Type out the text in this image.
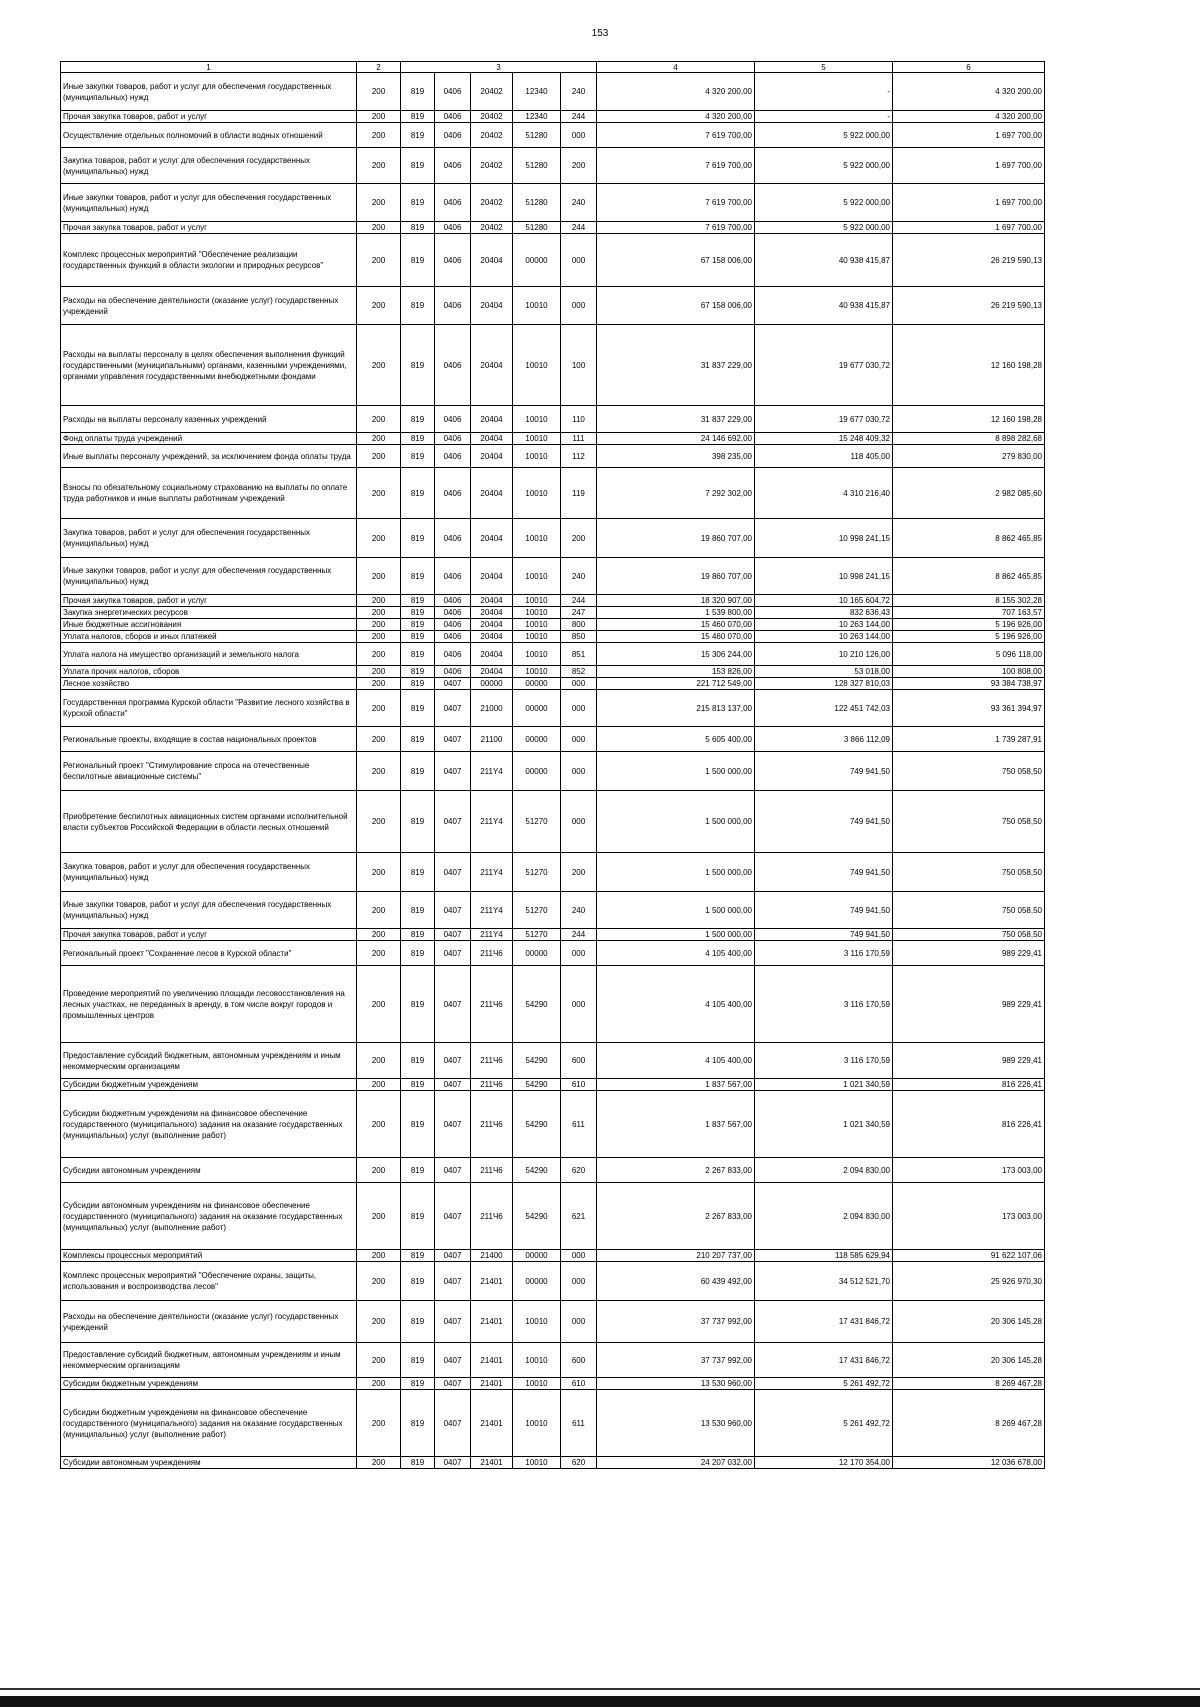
153
1	2	3					4	5	6
Иные закупки товаров, работ и услуг для обеспечения государственных (муниципальных) нужд	200	819	0406	20402	12340	240	4 320 200,00	-	4 320 200,00
Прочая закупка товаров, работ и услуг	200	819	0406	20402	12340	244	4 320 200,00	-	4 320 200,00
Осуществление отдельных полномочий в области водных отношений	200	819	0406	20402	51280	000	7 619 700,00	5 922 000,00	1 697 700,00
Закупка товаров, работ и услуг для обеспечения государственных (муниципальных) нужд	200	819	0406	20402	51280	200	7 619 700,00	5 922 000,00	1 697 700,00
Иные закупки товаров, работ и услуг для обеспечения государственных (муниципальных) нужд	200	819	0406	20402	51280	240	7 619 700,00	5 922 000,00	1 697 700,00
Прочая закупка товаров, работ и услуг	200	819	0406	20402	51280	244	7 619 700,00	5 922 000,00	1 697 700,00
Комплекс процессных мероприятий "Обеспечение реализации государственных функций в области экологии и природных ресурсов"	200	819	0406	20404	00000	000	67 158 006,00	40 938 415,87	26 219 590,13
Расходы на обеспечение деятельности (оказание услуг) государственных учреждений	200	819	0406	20404	10010	000	67 158 006,00	40 938 415,87	26 219 590,13
Расходы на выплаты персоналу в целях обеспечения выполнения функций государственными (муниципальными) органами, казенными учреждениями, органами управления государственными внебюджетными фондами	200	819	0406	20404	10010	100	31 837 229,00	19 677 030,72	12 160 198,28
Расходы на выплаты персоналу казенных учреждений	200	819	0406	20404	10010	110	31 837 229,00	19 677 030,72	12 160 198,28
Фонд оплаты труда учреждений	200	819	0406	20404	10010	111	24 146 692,00	15 248 409,32	8 898 282,68
Иные выплаты персоналу учреждений, за исключением фонда оплаты труда	200	819	0406	20404	10010	112	398 235,00	118 405,00	279 830,00
Взносы по обязательному социальному страхованию на выплаты по оплате труда работников и иные выплаты работникам учреждений	200	819	0406	20404	10010	119	7 292 302,00	4 310 216,40	2 982 085,60
Закупка товаров, работ и услуг для обеспечения государственных (муниципальных) нужд	200	819	0406	20404	10010	200	19 860 707,00	10 998 241,15	8 862 465,85
Иные закупки товаров, работ и услуг для обеспечения государственных (муниципальных) нужд	200	819	0406	20404	10010	240	19 860 707,00	10 998 241,15	8 862 465,85
Прочая закупка товаров, работ и услуг	200	819	0406	20404	10010	244	18 320 907,00	10 165 604,72	8 155 302,28
Закупка энергетических ресурсов	200	819	0406	20404	10010	247	1 539 800,00	832 636,43	707 163,57
Иные бюджетные ассигнования	200	819	0406	20404	10010	800	15 460 070,00	10 263 144,00	5 196 926,00
Уплата налогов, сборов и иных платежей	200	819	0406	20404	10010	850	15 460 070,00	10 263 144,00	5 196 926,00
Уплата налога на имущество организаций и земельного налога	200	819	0406	20404	10010	851	15 306 244,00	10 210 126,00	5 096 118,00
Уплата прочих налогов, сборов	200	819	0406	20404	10010	852	153 826,00	53 018,00	100 808,00
Лесное хозяйство	200	819	0407	00000	00000	000	221 712 549,00	128 327 810,03	93 384 738,97
Государственная программа Курской области "Развитие лесного хозяйства в Курской области"	200	819	0407	21000	00000	000	215 813 137,00	122 451 742,03	93 361 394,97
Региональные проекты, входящие в состав национальных проектов	200	819	0407	21100	00000	000	5 605 400,00	3 866 112,09	1 739 287,91
Региональный проект "Стимулирование спроса на отечественные беспилотные авиационные системы"	200	819	0407	211Y4	00000	000	1 500 000,00	749 941,50	750 058,50
Приобретение беспилотных авиационных систем органами исполнительной власти субъектов Российской Федерации в области лесных отношений	200	819	0407	211Y4	51270	000	1 500 000,00	749 941,50	750 058,50
Закупка товаров, работ и услуг для обеспечения государственных (муниципальных) нужд	200	819	0407	211Y4	51270	200	1 500 000,00	749 941,50	750 058,50
Иные закупки товаров, работ и услуг для обеспечения государственных (муниципальных) нужд	200	819	0407	211Y4	51270	240	1 500 000,00	749 941,50	750 058,50
Прочая закупка товаров, работ и услуг	200	819	0407	211Y4	51270	244	1 500 000,00	749 941,50	750 058,50
Региональный проект "Сохранение лесов в Курской области"	200	819	0407	211Ч6	00000	000	4 105 400,00	3 116 170,59	989 229,41
Проведение мероприятий по увеличению площади лесовосстановления на лесных участках, не переданных в аренду, в том числе вокруг городов и промышленных центров	200	819	0407	211Ч6	54290	000	4 105 400,00	3 116 170,59	989 229,41
Предоставление субсидий бюджетным, автономным учреждениям и иным некоммерческим организациям	200	819	0407	211Ч6	54290	600	4 105 400,00	3 116 170,59	989 229,41
Субсидии бюджетным учреждениям	200	819	0407	211Ч6	54290	610	1 837 567,00	1 021 340,59	816 226,41
Субсидии бюджетным учреждениям на финансовое обеспечение государственного (муниципального) задания на оказание государственных (муниципальных) услуг (выполнение работ)	200	819	0407	211Ч6	54290	611	1 837 567,00	1 021 340,59	816 226,41
Субсидии автономным учреждениям	200	819	0407	211Ч6	54290	620	2 267 833,00	2 094 830,00	173 003,00
Субсидии автономным учреждениям на финансовое обеспечение государственного (муниципального) задания на оказание государственных (муниципальных) услуг (выполнение работ)	200	819	0407	211Ч6	54290	621	2 267 833,00	2 094 830,00	173 003,00
Комплексы процессных мероприятий	200	819	0407	21400	00000	000	210 207 737,00	118 585 629,94	91 622 107,06
Комплекс процессных мероприятий "Обеспечение охраны, защиты, использования и воспроизводства лесов"	200	819	0407	21401	00000	000	60 439 492,00	34 512 521,70	25 926 970,30
Расходы на обеспечение деятельности (оказание услуг) государственных учреждений	200	819	0407	21401	10010	000	37 737 992,00	17 431 846,72	20 306 145,28
Предоставление субсидий бюджетным, автономным учреждениям и иным некоммерческим организациям	200	819	0407	21401	10010	600	37 737 992,00	17 431 846,72	20 306 145,28
Субсидии бюджетным учреждениям	200	819	0407	21401	10010	610	13 530 960,00	5 261 492,72	8 269 467,28
Субсидии бюджетным учреждениям на финансовое обеспечение государственного (муниципального) задания на оказание государственных (муниципальных) услуг (выполнение работ)	200	819	0407	21401	10010	611	13 530 960,00	5 261 492,72	8 269 467,28
Субсидии автономным учреждениям	200	819	0407	21401	10010	620	24 207 032,00	12 170 354,00	12 036 678,00
